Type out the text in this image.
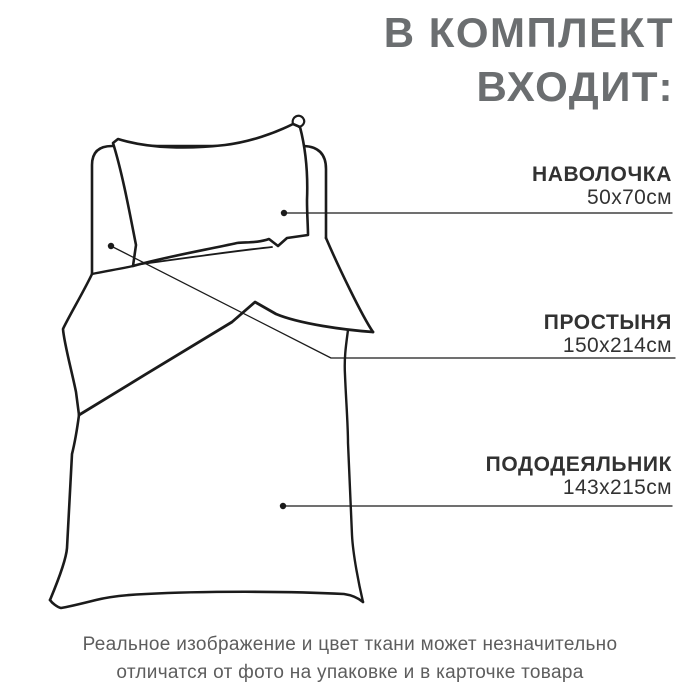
В КОМПЛЕКТ
ВХОДИТ:
НАВОЛОЧКА
50х70см
ПРОСТЫНЯ
150х214см
ПОДОДЕЯЛЬНИК
143х215см
Реальное изображение и цвет ткани может незначительно
отличатся от фото на упаковке и в карточке товара
